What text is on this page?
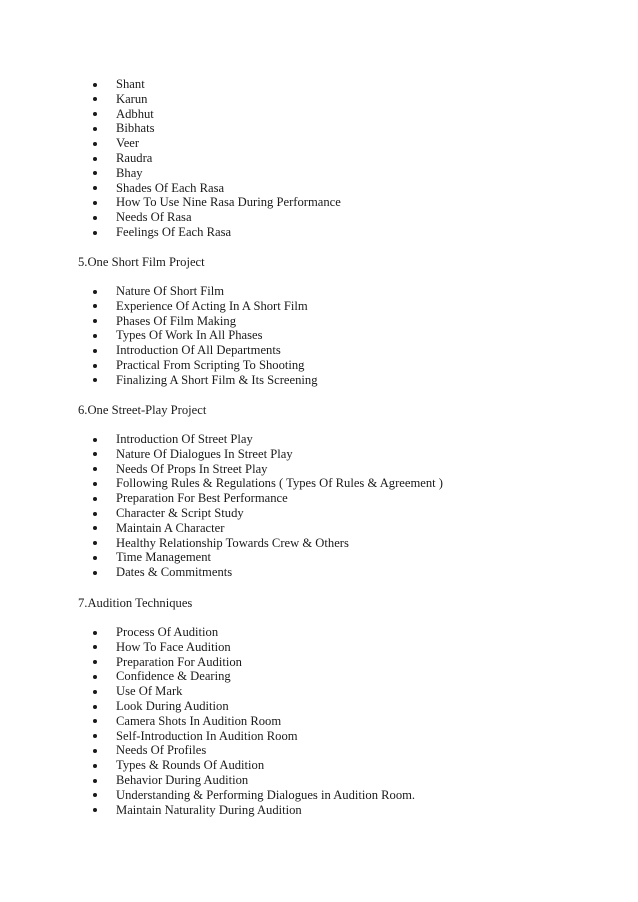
Shant
Karun
Adbhut
Bibhats
Veer
Raudra
Bhay
Shades Of Each Rasa
How To Use Nine Rasa During Performance
Needs Of Rasa
Feelings Of Each Rasa
5.One Short Film Project
Nature Of Short Film
Experience Of Acting In A Short Film
Phases Of Film Making
Types Of Work In All Phases
Introduction Of All Departments
Practical From Scripting To Shooting
Finalizing A Short Film & Its Screening
6.One Street-Play Project
Introduction Of Street Play
Nature Of Dialogues In Street Play
Needs Of Props In Street Play
Following Rules & Regulations ( Types Of Rules & Agreement )
Preparation For Best Performance
Character & Script Study
Maintain A Character
Healthy Relationship Towards Crew & Others
Time Management
Dates & Commitments
7.Audition Techniques
Process Of Audition
How To Face Audition
Preparation For Audition
Confidence & Dearing
Use Of Mark
Look During Audition
Camera Shots In Audition Room
Self-Introduction In Audition Room
Needs Of Profiles
Types & Rounds Of Audition
Behavior During Audition
Understanding & Performing Dialogues in Audition Room.
Maintain Naturality During Audition
